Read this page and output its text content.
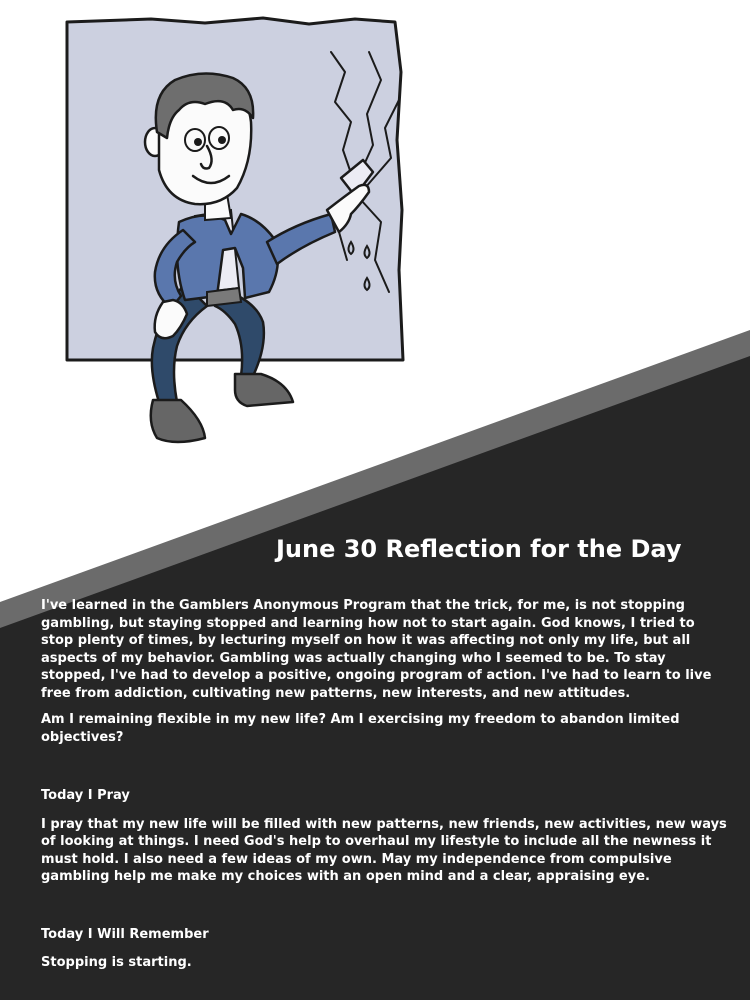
June 30 Reflection for the Day

I've learned in the Gamblers Anonymous Program that the trick, for me, is not stopping gambling, but staying stopped and learning how not to start again. God knows, I tried to stop plenty of times, by lecturing myself on how it was affecting not only my life, but all aspects of my behavior. Gambling was actually changing who I seemed to be. To stay stopped, I've had to develop a positive, ongoing program of action. I've had to learn to live free from addiction, cultivating new patterns, new interests, and new attitudes.

Am I remaining flexible in my new life? Am I exercising my freedom to abandon limited objectives?

Today I Pray

I pray that my new life will be filled with new patterns, new friends, new activities, new ways of looking at things. I need God's help to overhaul my lifestyle to include all the newness it must hold. I also need a few ideas of my own. May my independence from compulsive gambling help me make my choices with an open mind and a clear, appraising eye.

Today I Will Remember

Stopping is starting.
